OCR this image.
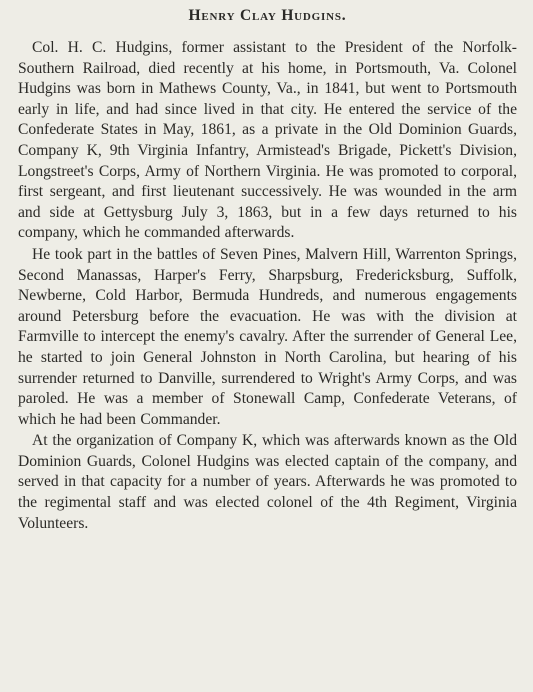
Henry Clay Hudgins.

Col. H. C. Hudgins, former assistant to the President of the Norfolk-Southern Railroad, died recently at his home, in Portsmouth, Va. Colonel Hudgins was born in Mathews County, Va., in 1841, but went to Portsmouth early in life, and had since lived in that city. He entered the service of the Confederate States in May, 1861, as a private in the Old Dominion Guards, Company K, 9th Virginia Infantry, Armistead's Brigade, Pickett's Division, Longstreet's Corps, Army of Northern Virginia. He was promoted to corporal, first sergeant, and first lieutenant successively. He was wounded in the arm and side at Gettysburg July 3, 1863, but in a few days returned to his company, which he commanded afterwards.

He took part in the battles of Seven Pines, Malvern Hill, Warrenton Springs, Second Manassas, Harper's Ferry, Sharpsburg, Fredericksburg, Suffolk, Newberne, Cold Harbor, Bermuda Hundreds, and numerous engagements around Petersburg before the evacuation. He was with the division at Farmville to intercept the enemy's cavalry. After the surrender of General Lee, he started to join General Johnston in North Carolina, but hearing of his surrender returned to Danville, surrendered to Wright's Army Corps, and was paroled. He was a member of Stonewall Camp, Confederate Veterans, of which he had been Commander.

At the organization of Company K, which was afterwards known as the Old Dominion Guards, Colonel Hudgins was elected captain of the company, and served in that capacity for a number of years. Afterwards he was promoted to the regimental staff and was elected colonel of the 4th Regiment, Virginia Volunteers.
